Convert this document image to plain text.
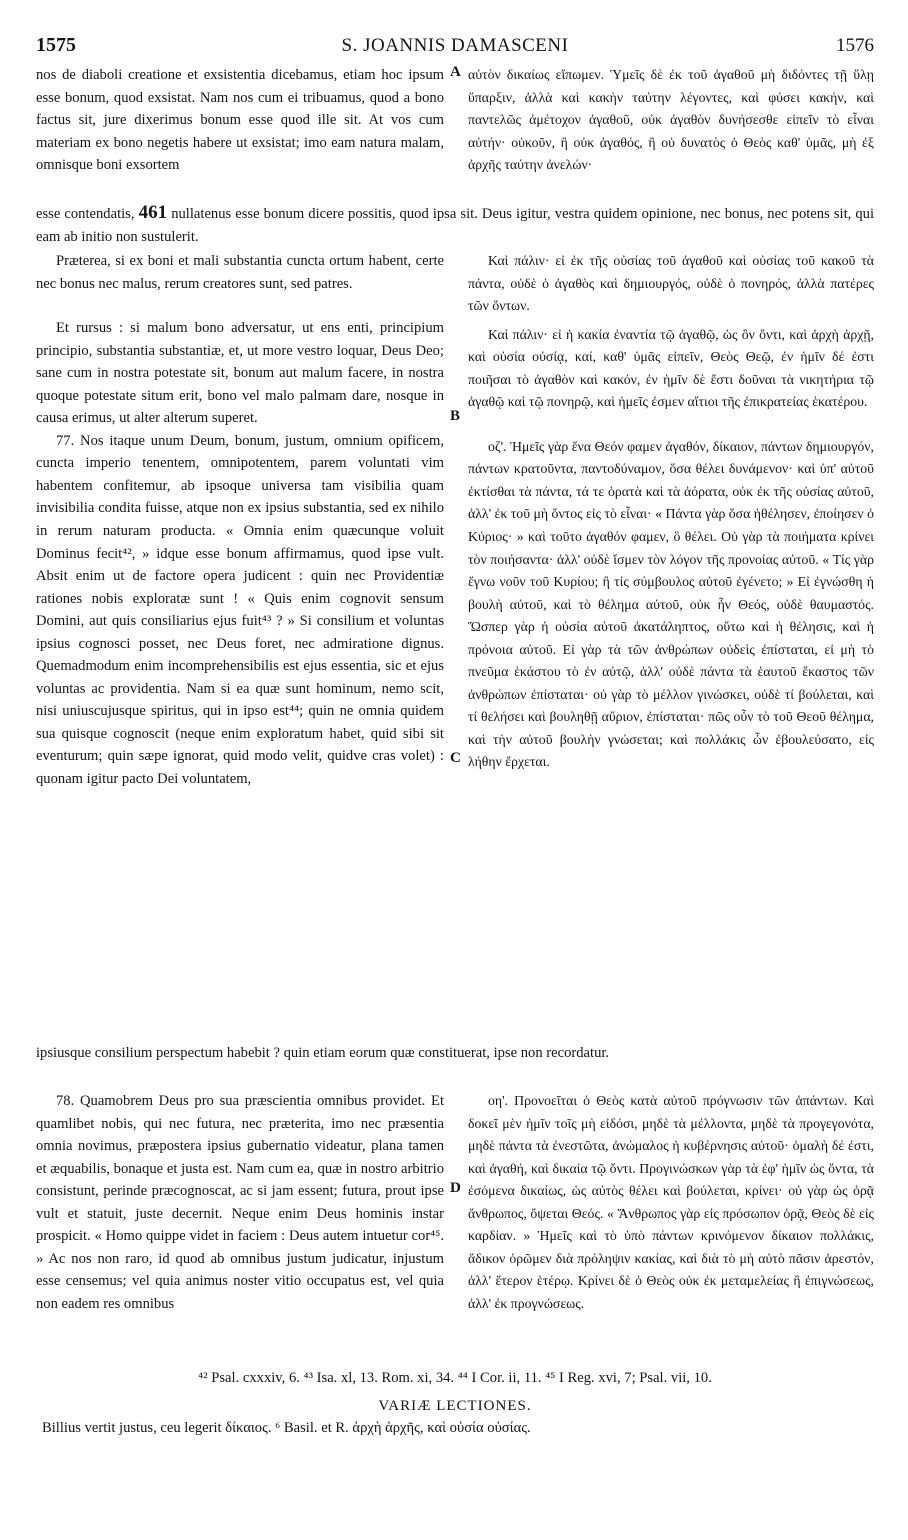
1575	S. JOANNIS DAMASCENI	1576

nos de diaboli creatione et exsistentia dicebamus, etiam hoc ipsum esse bonum, quod exsistat. Nam nos cum ei tribuamus, quod a bono factus sit, jure dixerimus bonum esse quod ille sit. At vos cum materiam ex bono negetis habere ut exsistat; imo eam natura malam, omnisque boni exsortem

A αὐτὸν δικαίως εἴπωμεν. Ὑμεῖς δὲ ἐκ τοῦ ἀγαθοῦ μὴ διδόντες τῇ ὕλῃ ὕπαρξιν, ἀλλὰ καὶ κακὴν ταύτην λέγοντες, καὶ φύσει κακήν, καὶ παντελῶς ἀμέτοχον ἀγαθοῦ, οὐκ ἀγαθὸν δυνήσεσθε εἰπεῖν τὸ εἶναι αὐτήν· οὐκοῦν, ἢ οὐκ ἀγαθός, ἢ οὐ δυνατὸς ὁ Θεὸς καθ' ὑμᾶς, μὴ ἐξ ἀρχῆς ταύτην ἀνελών·

esse contendatis, 461 nullatenus esse bonum dicere possitis, quod ipsa sit. Deus igitur, vestra quidem opinione, nec bonus, nec potens sit, qui eam ab initio non sustulerit.

Præterea, si ex boni et mali substantia cuncta ortum habent, certe nec bonus nec malus, rerum creatores sunt, sed patres.

Et rursus : si malum bono adversatur, ut ens enti, principium principio, substantia substantiæ, et, ut more vestro loquar, Deus Deo; sane cum in nostra potestate sit, bonum aut malum facere, in nostra quoque potestate situm erit, bono vel malo palmam dare, nosque in causa erimus, ut alter alterum superet.

77. Nos itaque unum Deum, bonum, justum, omnium opificem, cuncta imperio tenentem, omnipotentem, parem voluntati vim habentem confitemur, ab ipsoque universa tam visibilia quam invisibilia condita fuisse, atque non ex ipsius substantia, sed ex nihilo in rerum naturam producta. « Omnia enim quæcunque voluit Dominus fecit⁴², » idque esse bonum affirmamus, quod ipse vult. Absit enim ut de factore opera judicent : quin nec Providentiæ rationes nobis exploratæ sunt ! « Quis enim cognovit sensum Domini, aut quis consiliarius ejus fuit⁴³ ? » Si consilium et voluntas ipsius cognosci posset, nec Deus foret, nec admiratione dignus. Quemadmodum enim incomprehensibilis est ejus essentia, sic et ejus voluntas ac providentia. Nam si ea quæ sunt hominum, nemo scit, nisi uniuscujusque spiritus, qui in ipso est⁴⁴; quin ne omnia quidem sua quisque cognoscit (neque enim exploratum habet, quid sibi sit eventurum; quin sæpe ignorat, quid modo velit, quidve cras volet) : quonam igitur pacto Dei voluntatem,

B
C

Καὶ πάλιν· εἰ ἐκ τῆς οὐσίας τοῦ ἀγαθοῦ καὶ οὐσίας τοῦ κακοῦ τὰ πάντα, οὐδὲ ὁ ἀγαθὸς καὶ δημιουργός, οὐδὲ ὁ πονηρός, ἀλλὰ πατέρες τῶν ὄντων.

Καὶ πάλιν· εἰ ἡ κακία ἐναντία τῷ ἀγαθῷ, ὡς ὂν ὄντι, καὶ ἀρχὴ ἀρχῇ, καὶ οὐσία οὐσίᾳ, καί, καθ' ὑμᾶς εἰπεῖν, Θεὸς Θεῷ, ἐν ἡμῖν δέ ἐστι ποιῆσαι τὸ ἀγαθὸν καὶ κακόν, ἐν ἡμῖν δὲ ἔστι δοῦναι τὰ νικητήρια τῷ ἀγαθῷ καὶ τῷ πονηρῷ, καὶ ἡμεῖς ἐσμεν αἴτιοι τῆς ἐπικρατείας ἑκατέρου.

οζ'. Ἡμεῖς γὰρ ἕνα Θεόν φαμεν ἀγαθόν, δίκαιον, πάντων δημιουργόν, πάντων κρατοῦντα, παντοδύναμον, ὅσα θέλει δυνάμενον· καὶ ὑπ' αὐτοῦ ἐκτίσθαι τὰ πάντα, τά τε ὁρατὰ καὶ τὰ ἀόρατα, οὐκ ἐκ τῆς οὐσίας αὐτοῦ, ἀλλ' ἐκ τοῦ μὴ ὄντος εἰς τὸ εἶναι· « Πάντα γὰρ ὅσα ἠθέλησεν, ἐποίησεν ὁ Κύριος· » καὶ τοῦτο ἀγαθόν φαμεν, ὃ θέλει. Οὐ γὰρ τὰ ποιήματα κρίνει τὸν ποιήσαντα· ἀλλ' οὐδὲ ἴσμεν τὸν λόγον τῆς προνοίας αὐτοῦ. « Τίς γὰρ ἔγνω νοῦν τοῦ Κυρίου; ἢ τίς σύμβουλος αὐτοῦ ἐγένετο; » Εἰ ἐγνώσθη ἡ βουλὴ αὐτοῦ, καὶ τὸ θέλημα αὐτοῦ, οὐκ ἦν Θεός, οὐδὲ θαυμαστός. Ὥσπερ γὰρ ἡ οὐσία αὐτοῦ ἀκατάληπτος, οὕτω καὶ ἡ θέλησις, καὶ ἡ πρόνοια αὐτοῦ. Εἰ γὰρ τὰ τῶν ἀνθρώπων οὐδεὶς ἐπίσταται, εἰ μὴ τὸ πνεῦμα ἑκάστου τὸ ἐν αὐτῷ, ἀλλ' οὐδὲ πάντα τὰ ἑαυτοῦ ἕκαστος τῶν ἀνθρώπων ἐπίσταται· οὐ γὰρ τὸ μέλλον γινώσκει, οὐδὲ τί βούλεται, καὶ τί θελήσει καὶ βουληθῇ αὔριον, ἐπίσταται· πῶς οὖν τὸ τοῦ Θεοῦ θέλημα, καὶ τὴν αὐτοῦ βουλὴν γνώσεται; καὶ πολλάκις ὧν ἐβουλεύσατο, εἰς λήθην ἔρχεται.

ipsiusque consilium perspectum habebit ? quin etiam eorum quæ constituerat, ipse non recordatur.

78. Quamobrem Deus pro sua præscientia omnibus providet. Et quamlibet nobis, qui nec futura, nec præterita, imo nec præsentia omnia novimus, præpostera ipsius gubernatio videatur, plana tamen et æquabilis, bonaque et justa est. Nam cum ea, quæ in nostro arbitrio consistunt, perinde præcognoscat, ac si jam essent; futura, prout ipse vult et statuit, juste decernit. Neque enim Deus hominis instar prospicit. « Homo quippe videt in faciem : Deus autem intuetur cor⁴⁵. » Ac nos non raro, id quod ab omnibus justum judicatur, injustum esse censemus; vel quia animus noster vitio occupatus est, vel quia non eadem res omnibus

D

οη'. Προνοεῖται ὁ Θεὸς κατὰ αὐτοῦ πρόγνωσιν τῶν ἁπάντων. Καὶ δοκεῖ μὲν ἡμῖν τοῖς μὴ εἰδόσι, μηδὲ τὰ μέλλοντα, μηδὲ τὰ προγεγονότα, μηδὲ πάντα τὰ ἐνεστῶτα, ἀνώμαλος ἡ κυβέρνησις αὐτοῦ· ὁμαλὴ δέ ἐστι, καὶ ἀγαθή, καὶ δικαία τῷ ὄντι. Προγινώσκων γὰρ τὰ ἐφ' ἡμῖν ὡς ὄντα, τὰ ἐσόμενα δικαίως, ὡς αὐτὸς θέλει καὶ βούλεται, κρίνει· οὐ γὰρ ὡς ὁρᾷ ἄνθρωπος, ὄψεται Θεός. « Ἄνθρωπος γὰρ εἰς πρόσωπον ὁρᾷ, Θεὸς δὲ εἰς καρδίαν. » Ἡμεῖς καὶ τὸ ὑπὸ πάντων κρινόμενον δίκαιον πολλάκις, ἄδικον ὁρῶμεν διὰ πρόληψιν κακίας, καὶ διὰ τὸ μὴ αὐτὸ πᾶσιν ἀρεστόν, ἀλλ' ἕτερον ἑτέρῳ. Κρίνει δὲ ὁ Θεὸς οὐκ ἐκ μεταμελείας ἢ ἐπιγνώσεως, ἀλλ' ἐκ προγνώσεως.

⁴² Psal. cxxxiv, 6. ⁴³ Isa. xl, 13. Rom. xi, 34. ⁴⁴ I Cor. ii, 11. ⁴⁵ I Reg. xvi, 7; Psal. vii, 10.
VARIÆ LECTIONES.
Billius vertit justus, ceu legerit δίκαιος. ⁶ Basil. et R. ἀρχὴ ἀρχῆς, καὶ οὐσία οὐσίας.
